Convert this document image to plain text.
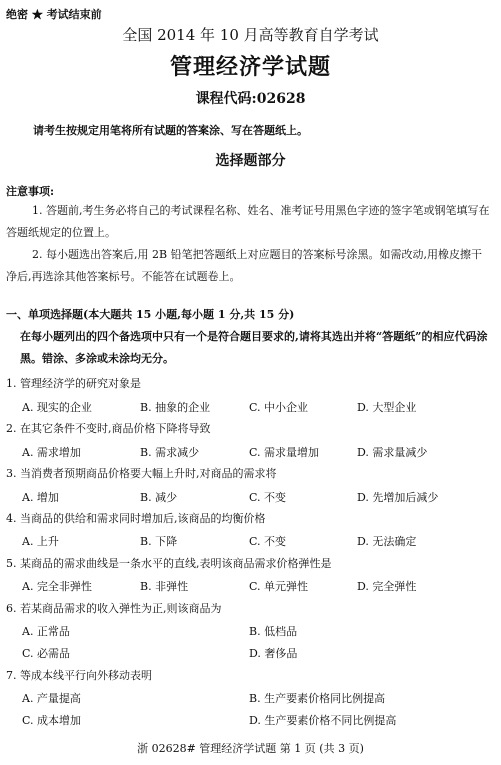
绝密 ★ 考试结束前
全国 2014 年 10 月高等教育自学考试
管理经济学试题
课程代码:02628
请考生按规定用笔将所有试题的答案涂、写在答题纸上。
选择题部分
注意事项:
1. 答题前,考生务必将自己的考试课程名称、姓名、准考证号用黑色字迹的签字笔或钢笔填写在答题纸规定的位置上。
2. 每小题选出答案后,用 2B 铅笔把答题纸上对应题目的答案标号涂黑。如需改动,用橡皮擦干净后,再选涂其他答案标号。不能答在试题卷上。
一、单项选择题(本大题共 15 小题,每小题 1 分,共 15 分)
在每小题列出的四个备选项中只有一个是符合题目要求的,请将其选出并将“答题纸”的相应代码涂黑。错涂、多涂或未涂均无分。
1. 管理经济学的研究对象是
A. 现实的企业	B. 抽象的企业	C. 中小企业	D. 大型企业
2. 在其它条件不变时,商品价格下降将导致
A. 需求增加	B. 需求减少	C. 需求量增加	D. 需求量减少
3. 当消费者预期商品价格要大幅上升时,对商品的需求将
A. 增加	B. 减少	C. 不变	D. 先增加后减少
4. 当商品的供给和需求同时增加后,该商品的均衡价格
A. 上升	B. 下降	C. 不变	D. 无法确定
5. 某商品的需求曲线是一条水平的直线,表明该商品需求价格弹性是
A. 完全非弹性	B. 非弹性	C. 单元弹性	D. 完全弹性
6. 若某商品需求的收入弹性为正,则该商品为
A. 正常品	B. 低档品
C. 必需品	D. 奢侈品
7. 等成本线平行向外移动表明
A. 产量提高	B. 生产要素价格同比例提高
C. 成本增加	D. 生产要素价格不同比例提高
浙 02628# 管理经济学试题 第 1 页 (共 3 页)
